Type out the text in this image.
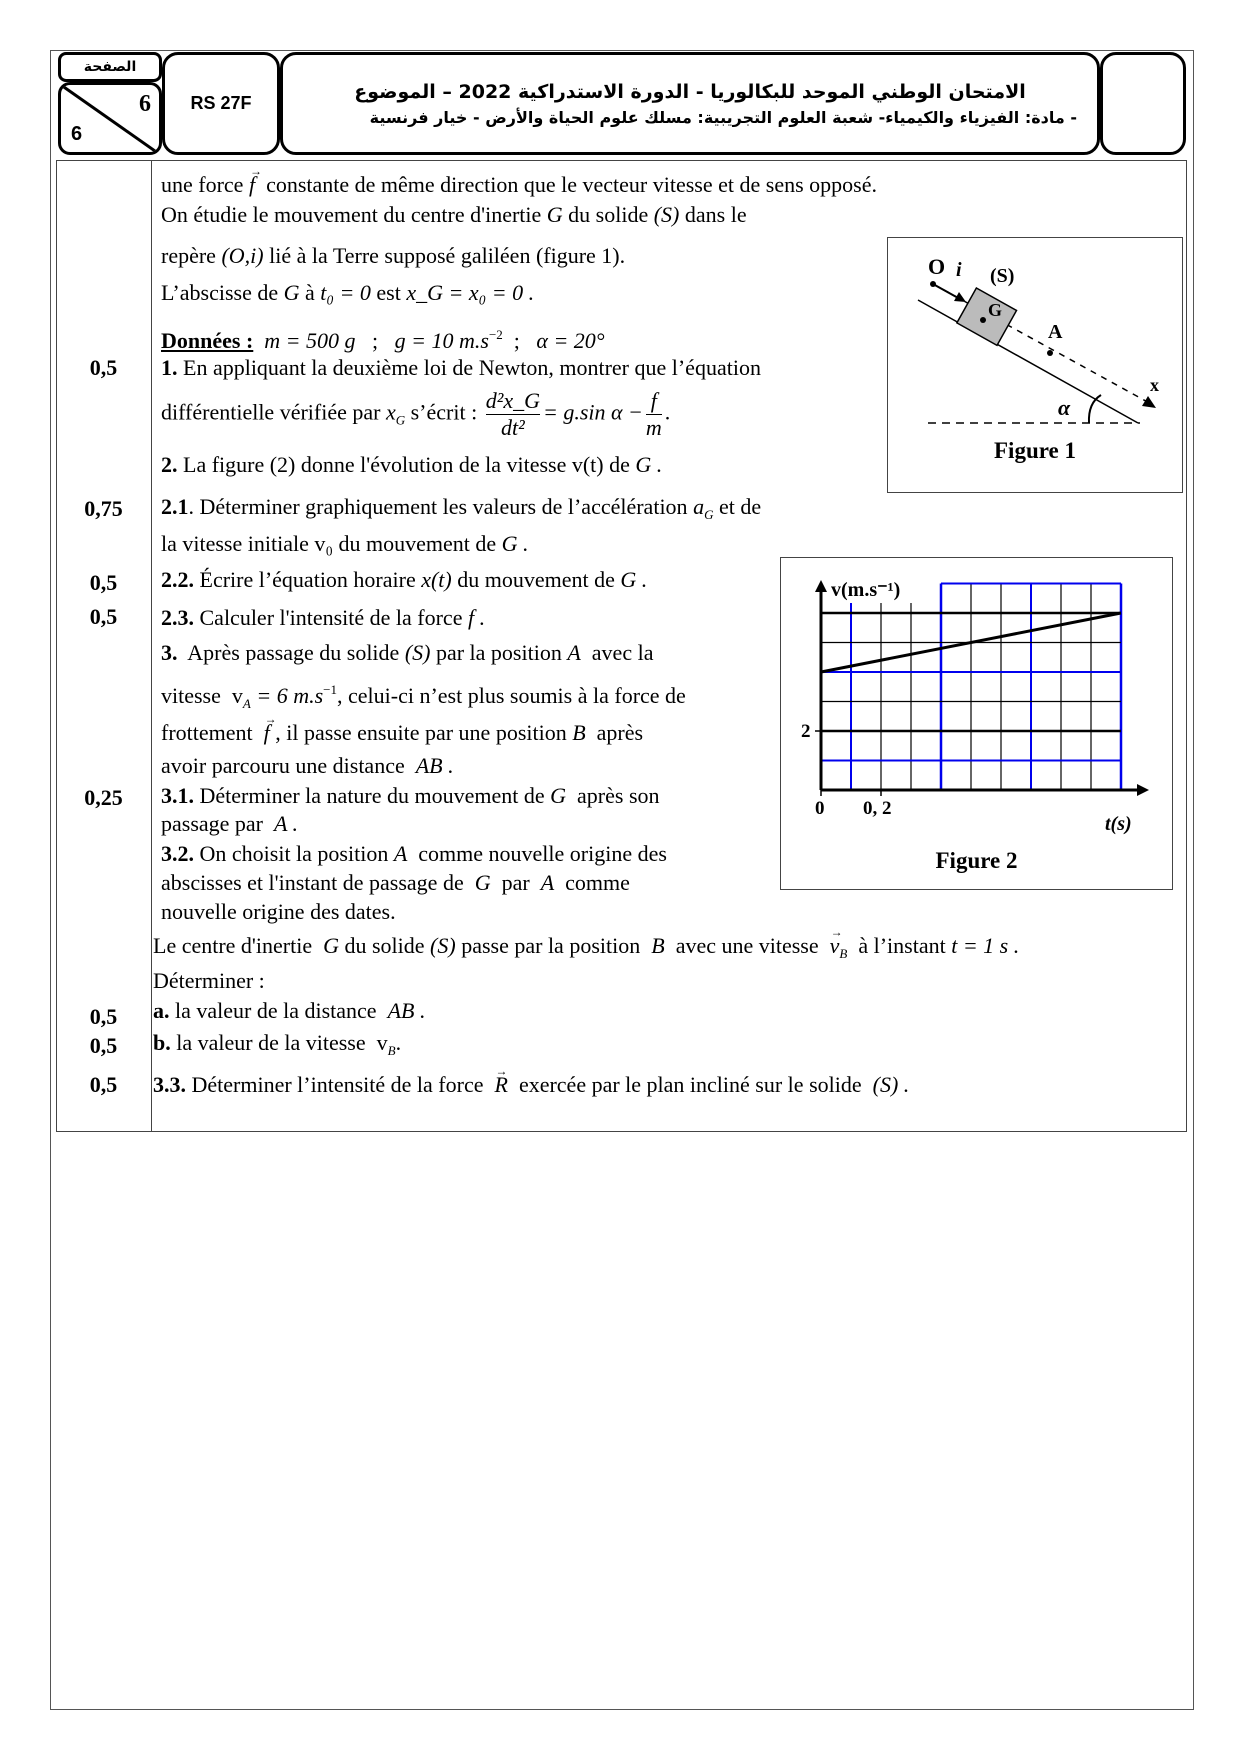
الصفحة
6
6
RS 27F
الامتحان الوطني الموحد للبكالوريا - الدورة الاستدراكية 2022 – الموضوع
- مادة: الفيزياء والكيمياء- شعبة العلوم التجريبية: مسلك علوم الحياة والأرض - خيار فرنسية
0,5
0,75
0,5
0,5
0,25
0,5
0,5
0,5
une force → f constante de même direction que le vecteur vitesse et de sens opposé.
On étudie le mouvement du centre d'inertie G du solide (S) dans le
repère (O,i) lié à la Terre supposé galiléen (figure 1).
L’abscisse de G à t₀ = 0 est x_G = x₀ = 0 .
Données : m = 500 g   ;   g = 10 $m.s^{-2}$  ;   α = 20°
1. En appliquant la deuxième loi de Newton, montrer que l’équation
différentielle vérifiée par $x_G$ s’écrit : $\frac{\text{d²x\_G}}{\text{dt²}} = g.\sin$ $\alpha - \frac{f}{m}$ .
2. La figure (2) donne l'évolution de la vitesse v(t) de G .
2.1. Déterminer graphiquement les valeurs de l’accélération $a_G$ et de
la vitesse initiale v₀ du mouvement de G .
2.2. Écrire l’équation horaire x(t) du mouvement de G .
2.3. Calculer l'intensité de la force f .
3. Après passage du solide (S) par la position A avec la
vitesse  $v_A = 6$ $m.s^{-1}$, celui-ci n’est plus soumis à la force de
frottement → f , il passe ensuite par une position B après
avoir parcouru une distance AB .
3.1. Déterminer la nature du mouvement de G après son
passage par A .
3.2. On choisit la position A comme nouvelle origine des
abscisses et l'instant de passage de G par A comme
nouvelle origine des dates.
Le centre d'inertie G du solide (S) passe par la position B avec une vitesse → $v_B$ à l’instant t = 1 s .
Déterminer :
a. la valeur de la distance AB .
b. la valeur de la vitesse  $v_B$.
3.3. Déterminer l’intensité de la force → R exercée par le plan incliné sur le solide (S) .
O i (S)
G
A
x
α
Figure 1
v(m.s⁻¹)
t(s)
0 0, 2
2
Figure 2
